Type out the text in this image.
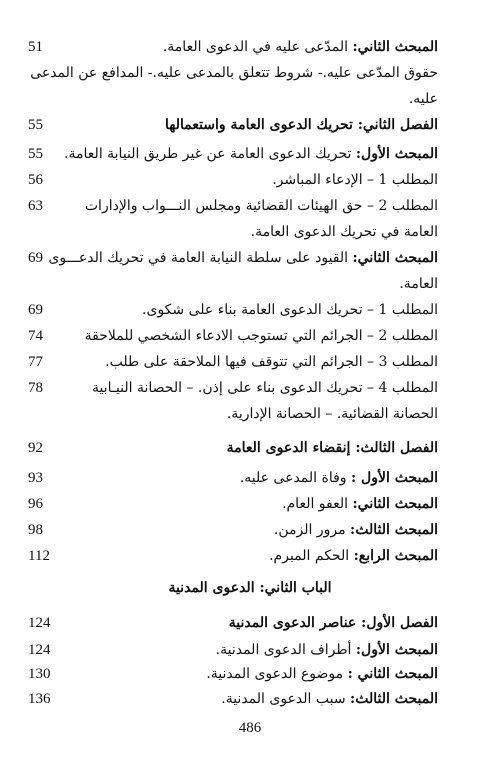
51	المبحث الثاني: المدّعى عليه في الدعوى العامة.
حقوق المدّعى عليه.- شروط تتعلق بالمدعى عليه.- المدافع عن المدعى
عليه.
55	الفصل الثاني: تحريك الدعوى العامة واستعمالها
55	المبحث الأول: تحريك الدعوى العامة عن غير طريق النيابة العامة.
56	المطلب 1 – الإدعاء المباشر.
63	المطلب 2 – حق الهيئات القضائية ومجلس النـــواب والإدارات
العامة في تحريك الدعوى العامة.
69	المبحث الثاني: القيود على سلطة النيابة العامة في تحريك الدعـــوى
العامة.
69	المطلب 1 – تحريك الدعوى العامة بناء على شكوى.
74	المطلب 2 – الجرائم التي تستوجب الادعاء الشخصي للملاحقة
77	المطلب 3 – الجرائم التي تتوقف فيها الملاحقة على طلب.
78	المطلب 4 – تحريك الدعوى بناء على إذن. – الحصانة النيـابية
الحصانة القضائية. – الحصانة الإدارية.
92	الفصل الثالث: إنقضاء الدعوى العامة
93	المبحث الأول : وفاة المدعى عليه.
96	المبحث الثاني: العفو العام.
98	المبحث الثالث: مرور الزمن.
112	المبحث الرابع: الحكم المبرم.
الباب الثاني: الدعوى المدنية
124	الفصل الأول: عناصر الدعوى المدنية
124	المبحث الأول: أطراف الدعوى المدنية.
130	المبحث الثاني : موضوع الدعوى المدنية.
136	المبحث الثالث: سبب الدعوى المدنية.
486
